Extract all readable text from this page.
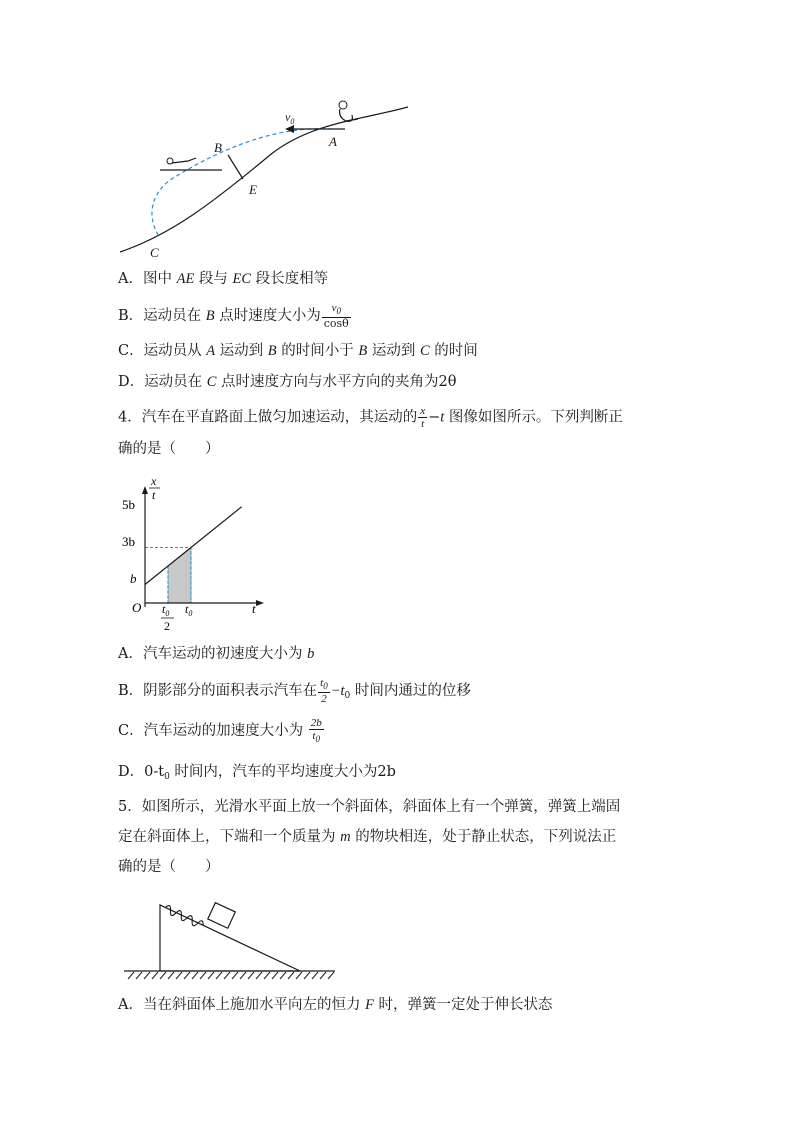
$v_0$
A
B
E
C
A．图中 AE 段与 EC 段长度相等
B．运动员在 B 点时速度大小为 $\frac{v_0}{\cos\theta}$
C．运动员从 A 运动到 B 的时间小于 B 运动到 C 的时间
D．运动员在 C 点时速度方向与水平方向的夹角为2θ
4．汽车在平直路面上做匀加速运动，其运动的 $\frac{x}{t} -t$ 图像如图所示。下列判断正
确的是（　　）
x
t
5b
3b
b
O $t_0$
2
$t_0$	t
A．汽车运动的初速度大小为 b
B．阴影部分的面积表示汽车在 $\frac{t_0}{2} -t_0$ 时间内通过的位移
C．汽车运动的加速度大小为 $\frac{2b}{t_0}$
D．$0-t_0$ 时间内，汽车的平均速度大小为2b
5．如图所示，光滑水平面上放一个斜面体，斜面体上有一个弹簧，弹簧上端固
定在斜面体上，下端和一个质量为 m 的物块相连，处于静止状态，下列说法正
确的是（　　）
A．当在斜面体上施加水平向左的恒力 F 时，弹簧一定处于伸长状态
